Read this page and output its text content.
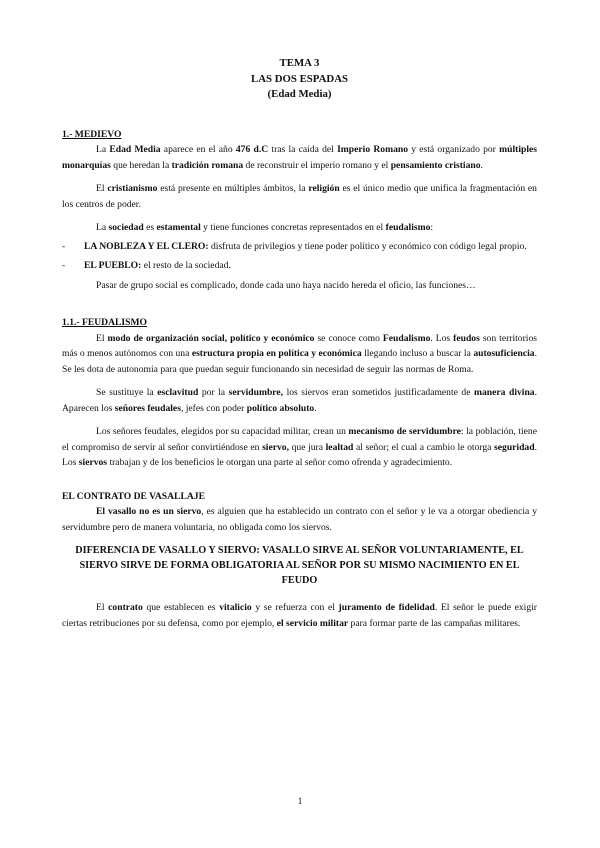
TEMA 3
LAS DOS ESPADAS
(Edad Media)
1.- MEDIEVO

La Edad Media aparece en el año 476 d.C tras la caída del Imperio Romano y está organizado por múltiples monarquías que heredan la tradición romana de reconstruir el imperio romano y el pensamiento cristiano.

El cristianismo está presente en múltiples ámbitos, la religión es el único medio que unifica la fragmentación en los centros de poder.

La sociedad es estamental y tiene funciones concretas representados en el feudalismo:

- LA NOBLEZA Y EL CLERO: disfruta de privilegios y tiene poder político y económico con código legal propio.
- EL PUEBLO: el resto de la sociedad.

Pasar de grupo social es complicado, donde cada uno haya nacido hereda el oficio, las funciones…

1.1.- FEUDALISMO

El modo de organización social, político y económico se conoce como Feudalismo. Los feudos son territorios más o menos autónomos con una estructura propia en política y económica llegando incluso a buscar la autosuficiencia. Se les dota de autonomía para que puedan seguir funcionando sin necesidad de seguir las normas de Roma.

Se sustituye la esclavitud por la servidumbre, los siervos eran sometidos justificadamente de manera divina. Aparecen los señores feudales, jefes con poder político absoluto.

Los señores feudales, elegidos por su capacidad militar, crean un mecanismo de servidumbre: la población, tiene el compromiso de servir al señor convirtiéndose en siervo, que jura lealtad al señor; el cual a cambio le otorga seguridad. Los siervos trabajan y de los beneficios le otorgan una parte al señor como ofrenda y agradecimiento.

EL CONTRATO DE VASALLAJE

El vasallo no es un siervo, es alguien que ha establecido un contrato con el señor y le va a otorgar obediencia y servidumbre pero de manera voluntaria, no obligada como los siervos.

DIFERENCIA DE VASALLO Y SIERVO: VASALLO SIRVE AL SEÑOR VOLUNTARIAMENTE, EL SIERVO SIRVE DE FORMA OBLIGATORIA AL SEÑOR POR SU MISMO NACIMIENTO EN EL FEUDO

El contrato que establecen es vitalicio y se refuerza con el juramento de fidelidad. El señor le puede exigir ciertas retribuciones por su defensa, como por ejemplo, el servicio militar para formar parte de las campañas militares.

1
